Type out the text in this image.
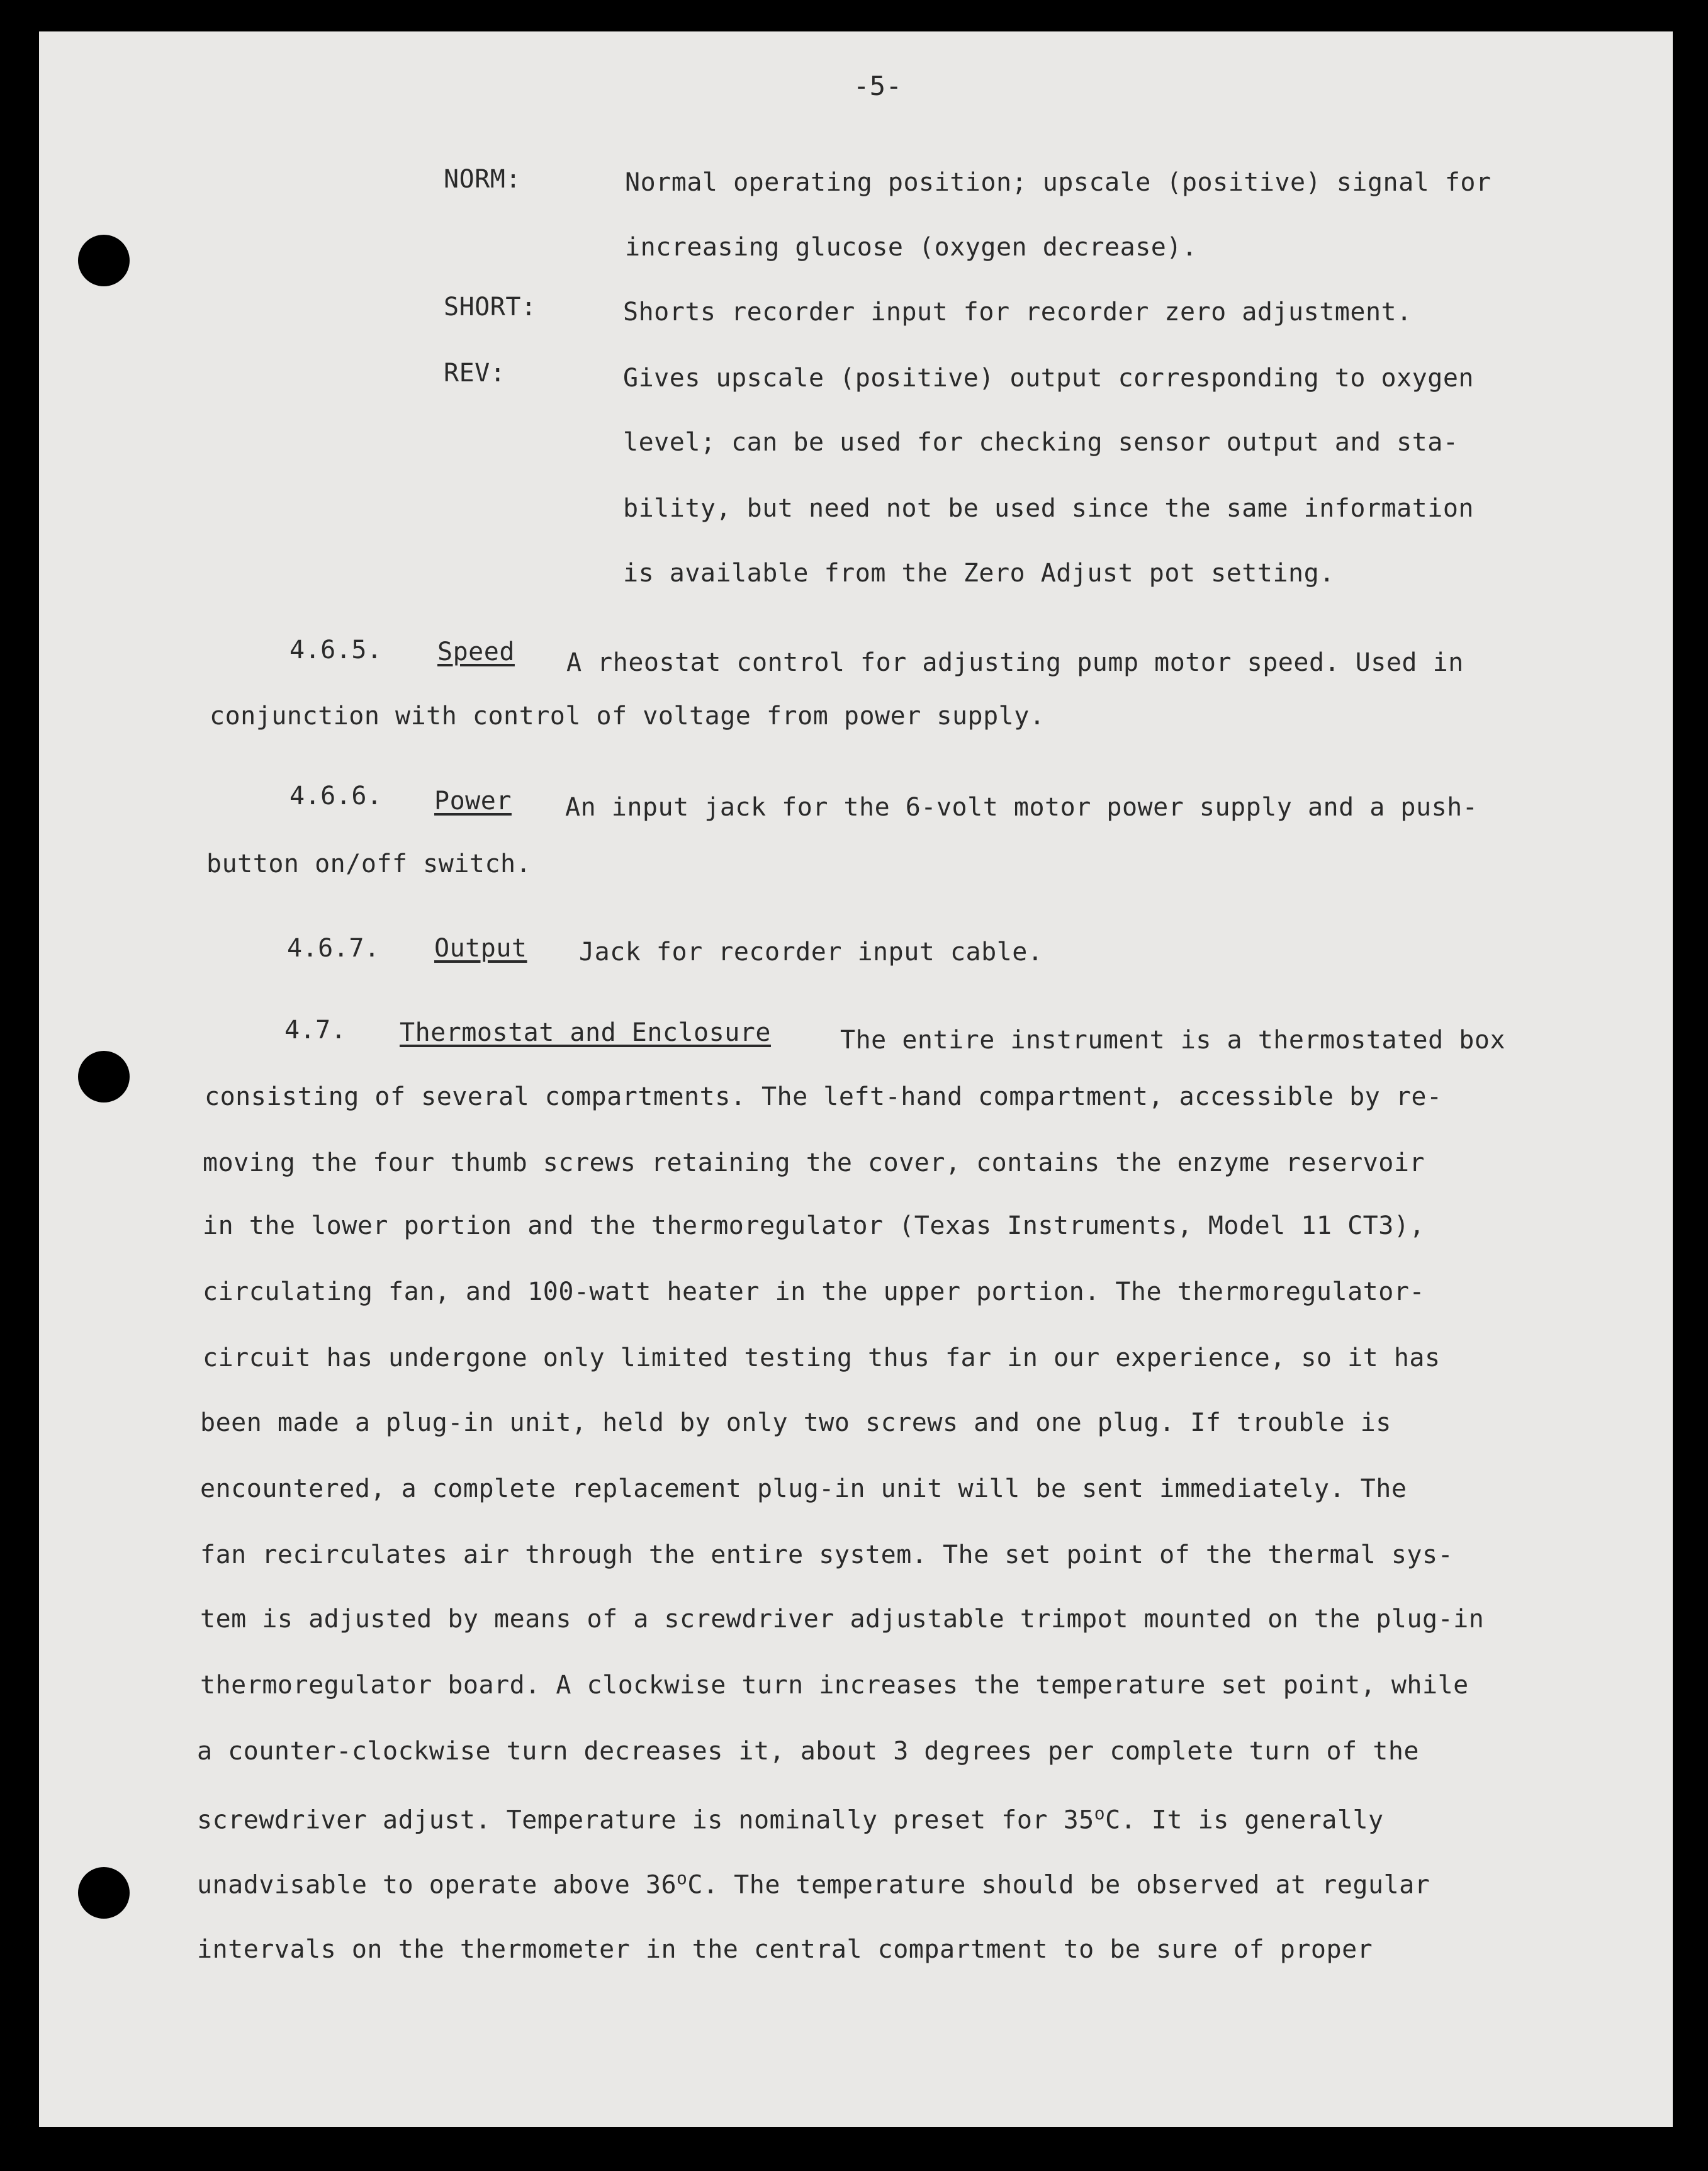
-5-
NORM:	Normal operating position; upscale (positive) signal for
increasing glucose (oxygen decrease).
SHORT:	Shorts recorder input for recorder zero adjustment.
REV:	Gives upscale (positive) output corresponding to oxygen
level; can be used for checking sensor output and sta-
bility, but need not be used since the same information
is available from the Zero Adjust pot setting.
4.6.5. Speed A rheostat control for adjusting pump motor speed. Used in
conjunction with control of voltage from power supply.
4.6.6. Power An input jack for the 6-volt motor power supply and a push-
button on/off switch.
4.6.7. Output Jack for recorder input cable.
4.7. Thermostat and Enclosure	The entire instrument is a thermostated box
consisting of several compartments. The left-hand compartment, accessible by re-
moving the four thumb screws retaining the cover, contains the enzyme reservoir
in the lower portion and the thermoregulator (Texas Instruments, Model 11 CT3),
circulating fan, and 100-watt heater in the upper portion. The thermoregulator-
circuit has undergone only limited testing thus far in our experience, so it has
been made a plug-in unit, held by only two screws and one plug. If trouble is
encountered, a complete replacement plug-in unit will be sent immediately. The
fan recirculates air through the entire system. The set point of the thermal sys-
tem is adjusted by means of a screwdriver adjustable trimpot mounted on the plug-in
thermoregulator board. A clockwise turn increases the temperature set point, while
a counter-clockwise turn decreases it, about 3 degrees per complete turn of the
screwdriver adjust. Temperature is nominally preset for 35$^o$C. It is generally
unadvisable to operate above 36$^o$C. The temperature should be observed at regular
intervals on the thermometer in the central compartment to be sure of proper
